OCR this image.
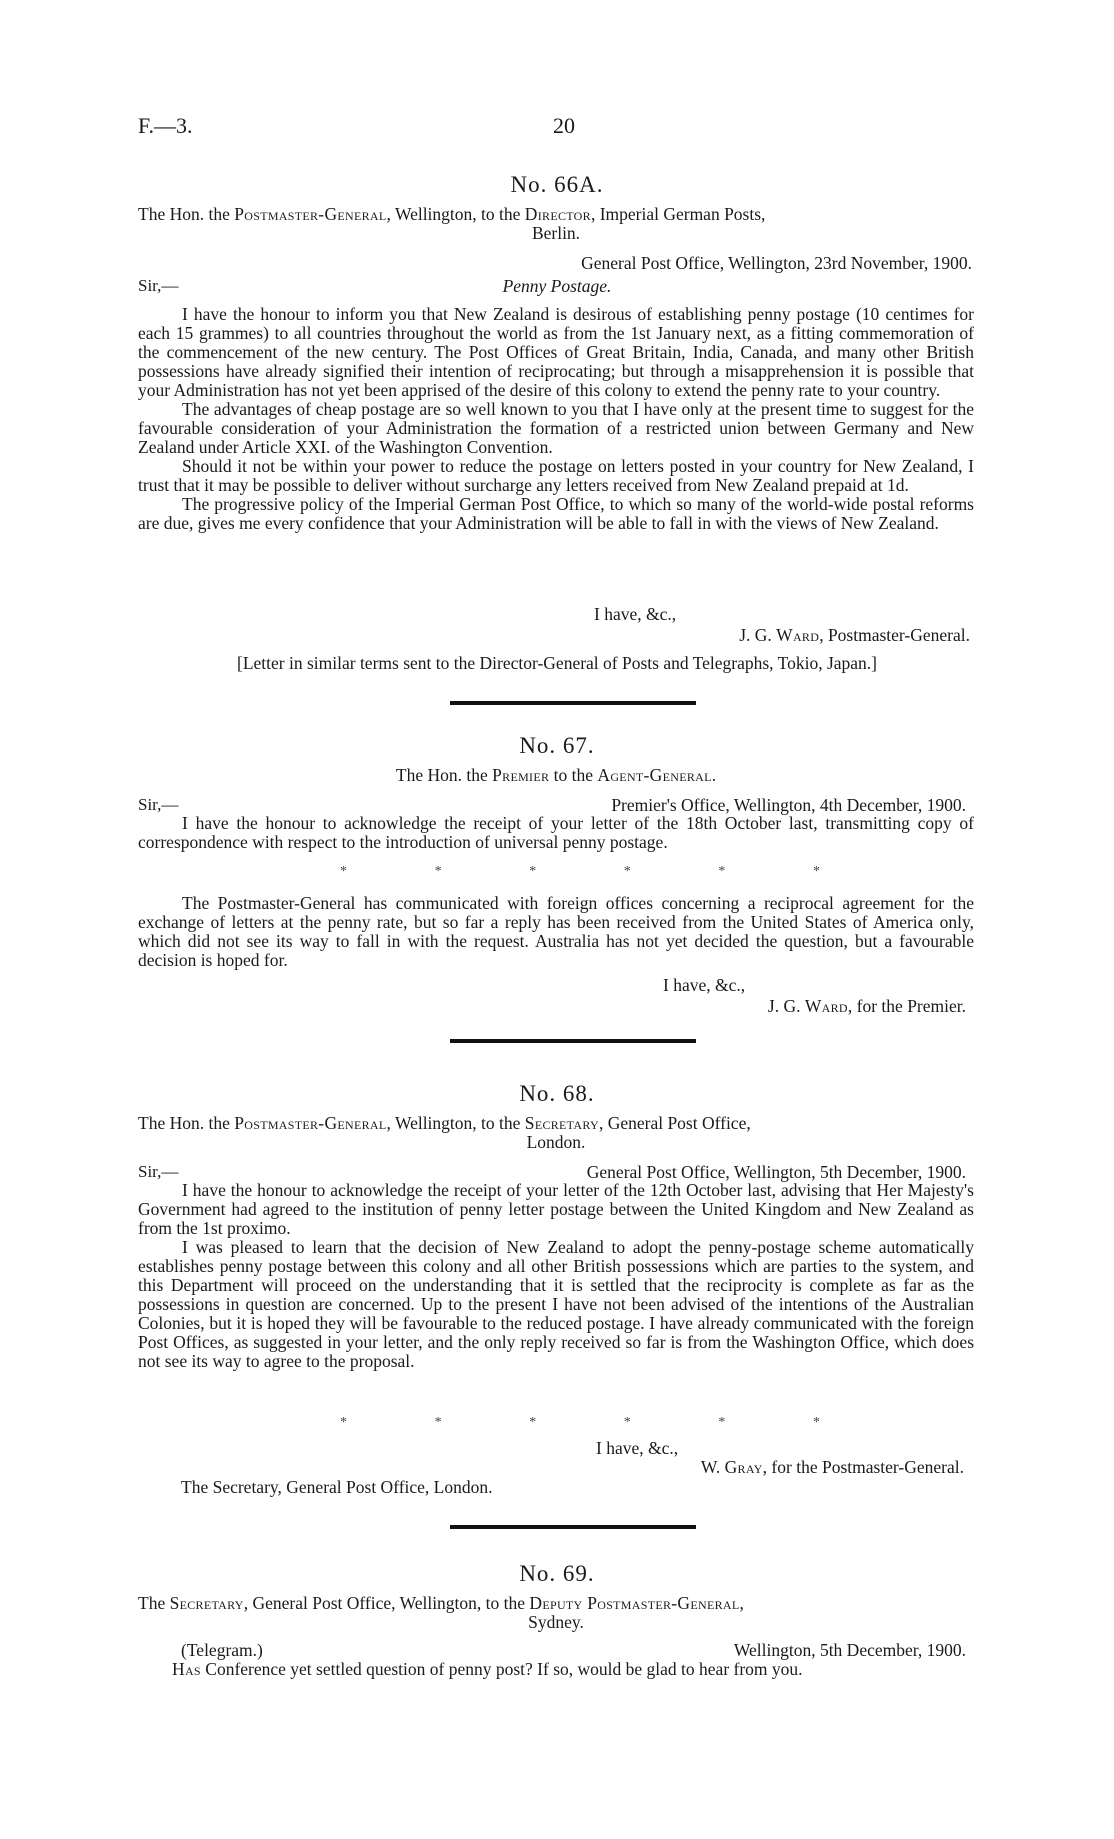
F.—3.	20
No. 66A.
The Hon. the Postmaster-General, Wellington, to the Director, Imperial German Posts,
Berlin.
General Post Office, Wellington, 23rd November, 1900.
Sir,—	Penny Postage.

I have the honour to inform you that New Zealand is desirous of establishing penny postage (10 centimes for each 15 grammes) to all countries throughout the world as from the 1st January next, as a fitting commemoration of the commencement of the new century. The Post Offices of Great Britain, India, Canada, and many other British possessions have already signified their intention of reciprocating; but through a misapprehension it is possible that your Administration has not yet been apprised of the desire of this colony to extend the penny rate to your country.

The advantages of cheap postage are so well known to you that I have only at the present time to suggest for the favourable consideration of your Administration the formation of a restricted union between Germany and New Zealand under Article XXI. of the Washington Convention.

Should it not be within your power to reduce the postage on letters posted in your country for New Zealand, I trust that it may be possible to deliver without surcharge any letters received from New Zealand prepaid at 1d.

The progressive policy of the Imperial German Post Office, to which so many of the world-wide postal reforms are due, gives me every confidence that your Administration will be able to fall in with the views of New Zealand.

I have, &c.,
J. G. Ward, Postmaster-General.
[Letter in similar terms sent to the Director-General of Posts and Telegraphs, Tokio, Japan.]
No. 67.
The Hon. the Premier to the Agent-General.
Sir,—	Premier's Office, Wellington, 4th December, 1900.

I have the honour to acknowledge the receipt of your letter of the 18th October last, transmitting copy of correspondence with respect to the introduction of universal penny postage.

*	*	*	*	*	*

The Postmaster-General has communicated with foreign offices concerning a reciprocal agreement for the exchange of letters at the penny rate, but so far a reply has been received from the United States of America only, which did not see its way to fall in with the request. Australia has not yet decided the question, but a favourable decision is hoped for.

I have, &c.,
J. G. Ward, for the Premier.
No. 68.
The Hon. the Postmaster-General, Wellington, to the Secretary, General Post Office,
London.
Sir,—	General Post Office, Wellington, 5th December, 1900.

I have the honour to acknowledge the receipt of your letter of the 12th October last, advising that Her Majesty's Government had agreed to the institution of penny letter postage between the United Kingdom and New Zealand as from the 1st proximo.

I was pleased to learn that the decision of New Zealand to adopt the penny-postage scheme automatically establishes penny postage between this colony and all other British possessions which are parties to the system, and this Department will proceed on the understanding that it is settled that the reciprocity is complete as far as the possessions in question are concerned. Up to the present I have not been advised of the intentions of the Australian Colonies, but it is hoped they will be favourable to the reduced postage. I have already communicated with the foreign Post Offices, as suggested in your letter, and the only reply received so far is from the Washington Office, which does not see its way to agree to the proposal.

*	*	*	*	*	*
I have, &c.,
W. Gray, for the Postmaster-General.
The Secretary, General Post Office, London.
No. 69.
The Secretary, General Post Office, Wellington, to the Deputy Postmaster-General,
Sydney.
(Telegram.)	Wellington, 5th December, 1900.
Has Conference yet settled question of penny post? If so, would be glad to hear from you.
